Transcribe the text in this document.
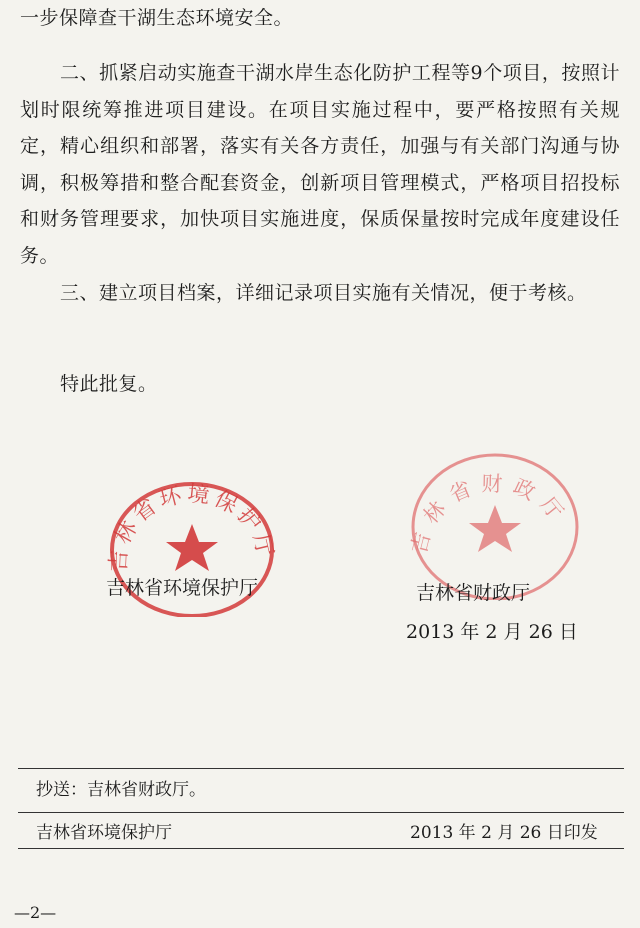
一步保障查干湖生态环境安全。

二、抓紧启动实施查干湖水岸生态化防护工程等9个项目，按照计划时限统筹推进项目建设。在项目实施过程中，要严格按照有关规定，精心组织和部署，落实有关各方责任，加强与有关部门沟通与协调，积极筹措和整合配套资金，创新项目管理模式，严格项目招投标和财务管理要求，加快项目实施进度，保质保量按时完成年度建设任务。

三、建立项目档案，详细记录项目实施有关情况，便于考核。

特此批复。

吉林省环境保护厅	吉林省财政厅

吉林省环境保护厅	吉林省财政厅

2013 年 2 月 26 日

抄送：吉林省财政厅。

吉林省环境保护厅	2013 年 2 月 26 日印发

—2—
